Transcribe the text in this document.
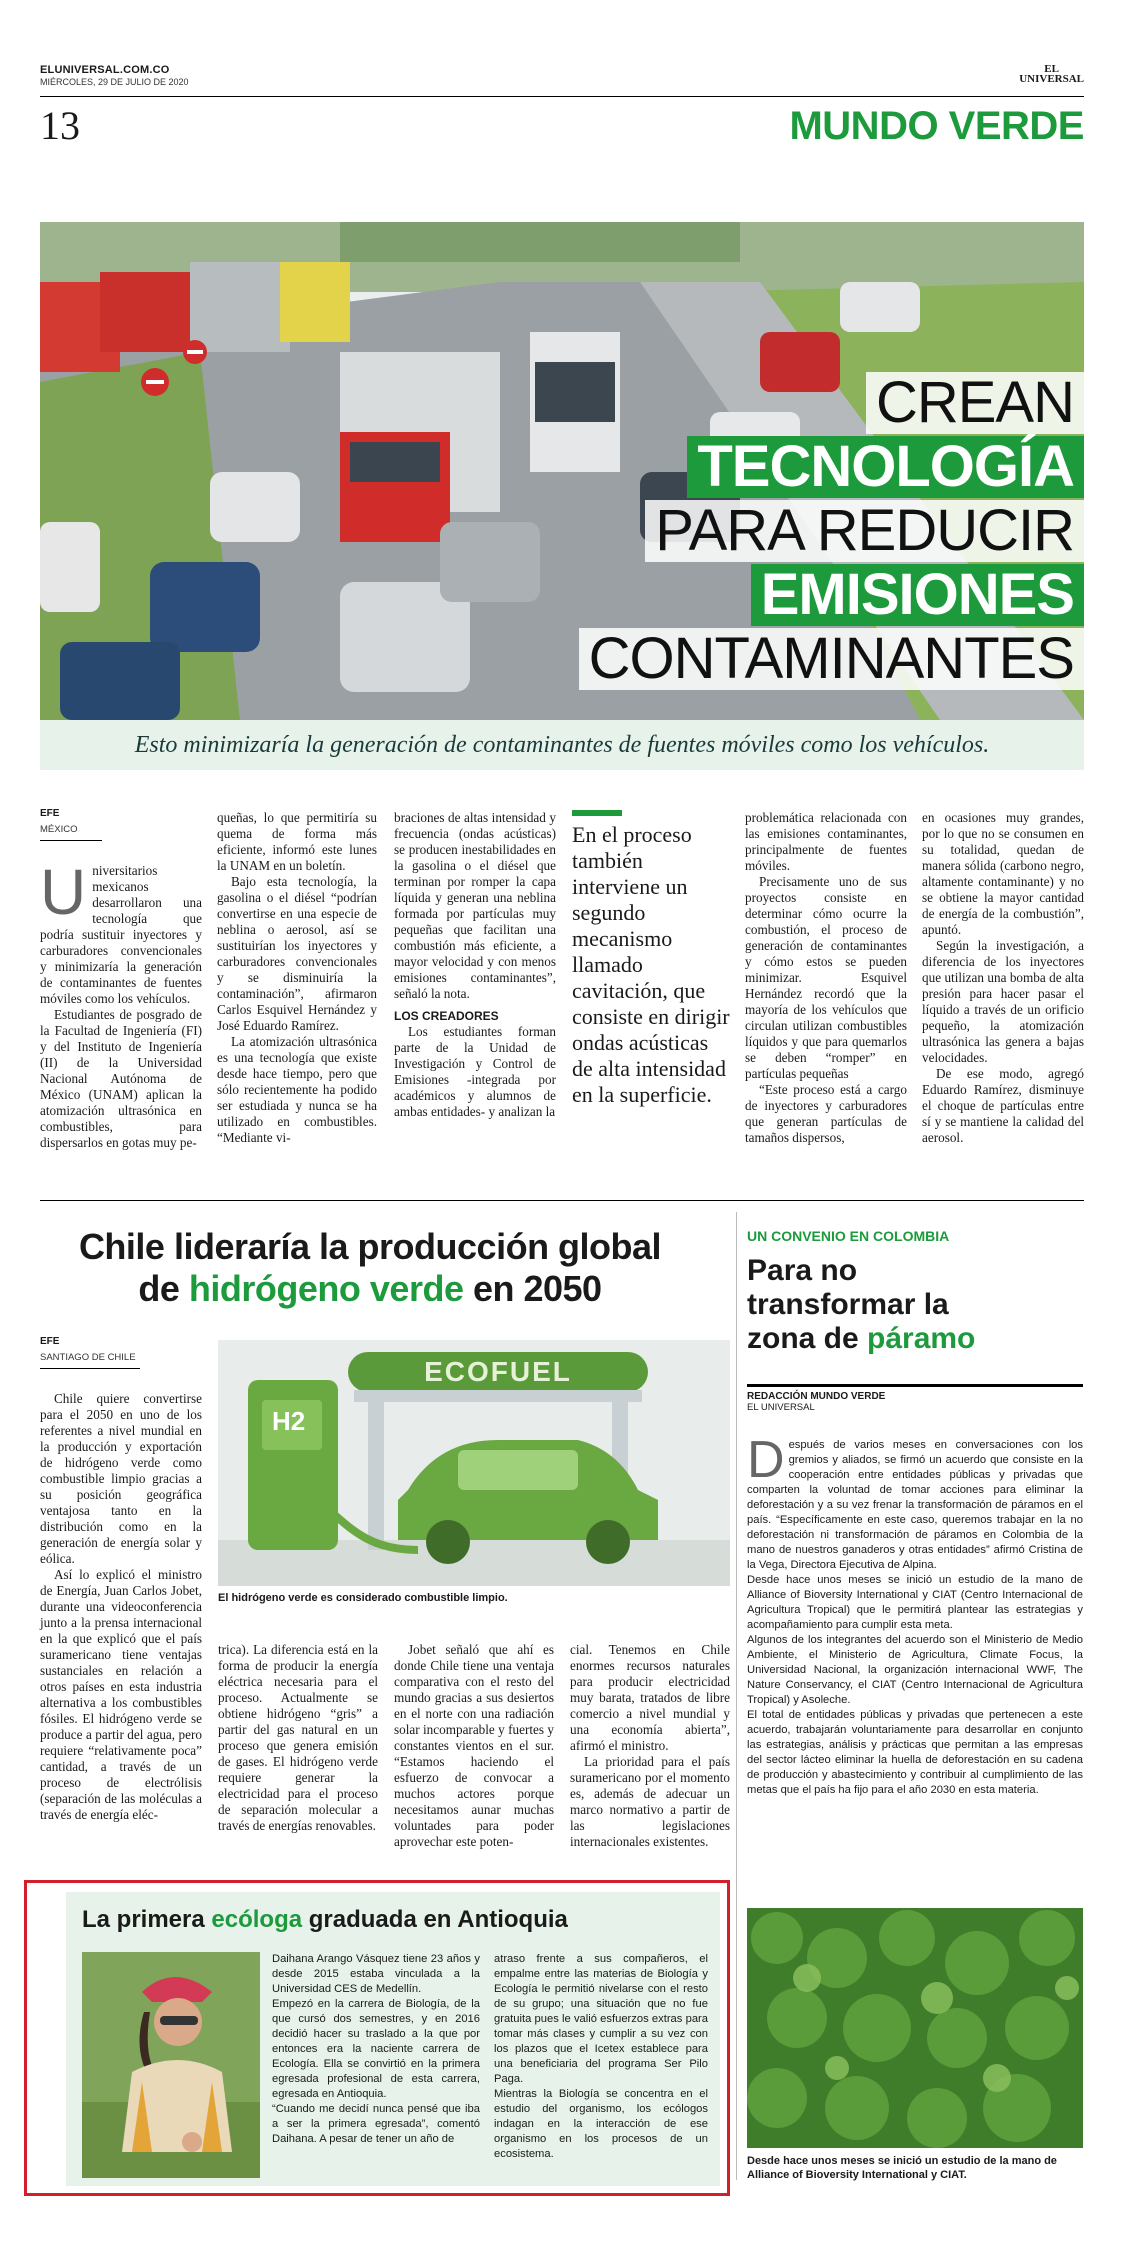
ELUNIVERSAL.COM.CO
MIÉRCOLES, 29 DE JULIO DE 2020
EL
UNIVERSAL
13	MUNDO VERDE
CREAN
TECNOLOGÍA
PARA REDUCIR
EMISIONES
CONTAMINANTES
Esto minimizaría la generación de contaminantes de fuentes móviles como los vehículos.
EFE
MÉXICO
U niversitarios mexicanos desarrollaron una tecnología que podría sustituir inyectores y carburadores convencionales y minimizaría la generación de contaminantes de fuentes móviles como los vehículos.

Estudiantes de posgrado de la Facultad de Ingeniería (FI) y del Instituto de Ingeniería (II) de la Universidad Nacional Autónoma de México (UNAM) aplican la atomización ultrasónica en combustibles, para dispersarlos en gotas muy pe-

queñas, lo que permitiría su quema de forma más eficiente, informó este lunes la UNAM en un boletín.

Bajo esta tecnología, la gasolina o el diésel “podrían convertirse en una especie de neblina o aerosol, así se sustituirían los inyectores y carburadores convencionales y se disminuiría la contaminación”, afirmaron Carlos Esquivel Hernández y José Eduardo Ramírez.

La atomización ultrasónica es una tecnología que existe desde hace tiempo, pero que sólo recientemente ha podido ser estudiada y nunca se ha utilizado en combustibles. “Mediante vi-

braciones de altas intensidad y frecuencia (ondas acústicas) se producen inestabilidades en la gasolina o el diésel que terminan por romper la capa líquida y generan una neblina formada por partículas muy pequeñas que facilitan una combustión más eficiente, a mayor velocidad y con menos emisiones contaminantes”, señaló la nota.
LOS CREADORES

Los estudiantes forman parte de la Unidad de Investigación y Control de Emisiones -integrada por académicos y alumnos de ambas entidades- y analizan la

En el proceso también interviene un segundo mecanismo llamado cavitación, que consiste en dirigir ondas acústicas de alta intensidad en la superficie.
problemática relacionada con las emisiones contaminantes, principalmente de fuentes móviles.

Precisamente uno de sus proyectos consiste en determinar cómo ocurre la combustión, el proceso de generación de contaminantes y cómo estos se pueden minimizar. Esquivel Hernández recordó que la mayoría de los vehículos que circulan utilizan combustibles líquidos y que para quemarlos se deben “romper” en partículas pequeñas

“Este proceso está a cargo de inyectores y carburadores que generan partículas de tamaños dispersos,

en ocasiones muy grandes, por lo que no se consumen en su totalidad, quedan de manera sólida (carbono negro, altamente contaminante) y no se obtiene la mayor cantidad de energía de la combustión”, apuntó.

Según la investigación, a diferencia de los inyectores que utilizan una bomba de alta presión para hacer pasar el líquido a través de un orificio pequeño, la atomización ultrasónica las genera a bajas velocidades.

De ese modo, agregó Eduardo Ramírez, disminuye el choque de partículas entre sí y se mantiene la calidad del aerosol.

Chile lideraría la producción global
de hidrógeno verde en 2050
EFE
SANTIAGO DE CHILE

Chile quiere convertirse para el 2050 en uno de los referentes a nivel mundial en la producción y exportación de hidrógeno verde como combustible limpio gracias a su posición geográfica ventajosa tanto en la distribución como en la generación de energía solar y eólica.

Así lo explicó el ministro de Energía, Juan Carlos Jobet, durante una videoconferencia junto a la prensa internacional en la que explicó que el país suramericano tiene ventajas sustanciales en relación a otros países en esta industria alternativa a los combustibles fósiles. El hidrógeno verde se produce a partir del agua, pero requiere “relativamente poca” cantidad, a través de un proceso de electrólisis (separación de las moléculas a través de energía eléc-

ECOFUEL
H2
El hidrógeno verde es considerado combustible limpio.
trica). La diferencia está en la forma de producir la energía eléctrica necesaria para el proceso. Actualmente se obtiene hidrógeno “gris” a partir del gas natural en un proceso que genera emisión de gases. El hidrógeno verde requiere generar la electricidad para el proceso de separación molecular a través de energías renovables.

Jobet señaló que ahí es donde Chile tiene una ventaja comparativa con el resto del mundo gracias a sus desiertos en el norte con una radiación solar incomparable y fuertes y constantes vientos en el sur. “Estamos haciendo el esfuerzo de convocar a muchos actores porque necesitamos aunar muchas voluntades para poder aprovechar este poten-

cial. Tenemos en Chile enormes recursos naturales para producir electricidad muy barata, tratados de libre comercio a nivel mundial y una economía abierta”, afirmó el ministro.

La prioridad para el país suramericano por el momento es, además de adecuar un marco normativo a partir de las legislaciones internacionales existentes.

UN CONVENIO EN COLOMBIA
Para no
transformar la
zona de páramo
REDACCIÓN MUNDO VERDE
EL UNIVERSAL
D espués de varios meses en conversaciones con los gremios y aliados, se firmó un acuerdo que consiste en la cooperación entre entidades públicas y privadas que comparten la voluntad de tomar acciones para eliminar la deforestación y a su vez frenar la transformación de páramos en el país. “Específicamente en este caso, queremos trabajar en la no deforestación ni transformación de páramos en Colombia de la mano de nuestros ganaderos y otras entidades” afirmó Cristina de la Vega, Directora Ejecutiva de Alpina.
Desde hace unos meses se inició un estudio de la mano de Alliance of Bioversity International y CIAT (Centro Internacional de Agricultura Tropical) que le permitirá plantear las estrategias y acompañamiento para cumplir esta meta.
Algunos de los integrantes del acuerdo son el Ministerio de Medio Ambiente, el Ministerio de Agricultura, Climate Focus, la Universidad Nacional, la organización internacional WWF, The Nature Conservancy, el CIAT (Centro Internacional de Agricultura Tropical) y Asoleche.
El total de entidades públicas y privadas que pertenecen a este acuerdo, trabajarán voluntariamente para desarrollar en conjunto las estrategias, análisis y prácticas que permitan a las empresas del sector lácteo eliminar la huella de deforestación en su cadena de producción y abastecimiento y contribuir al cumplimiento de las metas que el país ha fijo para el año 2030 en esta materia.
Desde hace unos meses se inició un estudio de la mano de Alliance of Bioversity International y CIAT.
La primera ecóloga graduada en Antioquia
Daihana Arango Vásquez tiene 23 años y desde 2015 estaba vinculada a la Universidad CES de Medellín.
Empezó en la carrera de Biología, de la que cursó dos semestres, y en 2016 decidió hacer su traslado a la que por entonces era la naciente carrera de Ecología. Ella se convirtió en la primera egresada profesional de esta carrera, egresada en Antioquia.
“Cuando me decidí nunca pensé que iba a ser la primera egresada”, comentó Daihana. A pesar de tener un año de
atraso frente a sus compañeros, el empalme entre las materias de Biología y Ecología le permitió nivelarse con el resto de su grupo; una situación que no fue gratuita pues le valió esfuerzos extras para tomar más clases y cumplir a su vez con los plazos que el Icetex establece para una beneficiaria del programa Ser Pilo Paga.
Mientras la Biología se concentra en el estudio del organismo, los ecólogos indagan en la interacción de ese organismo en los procesos de un ecosistema.
